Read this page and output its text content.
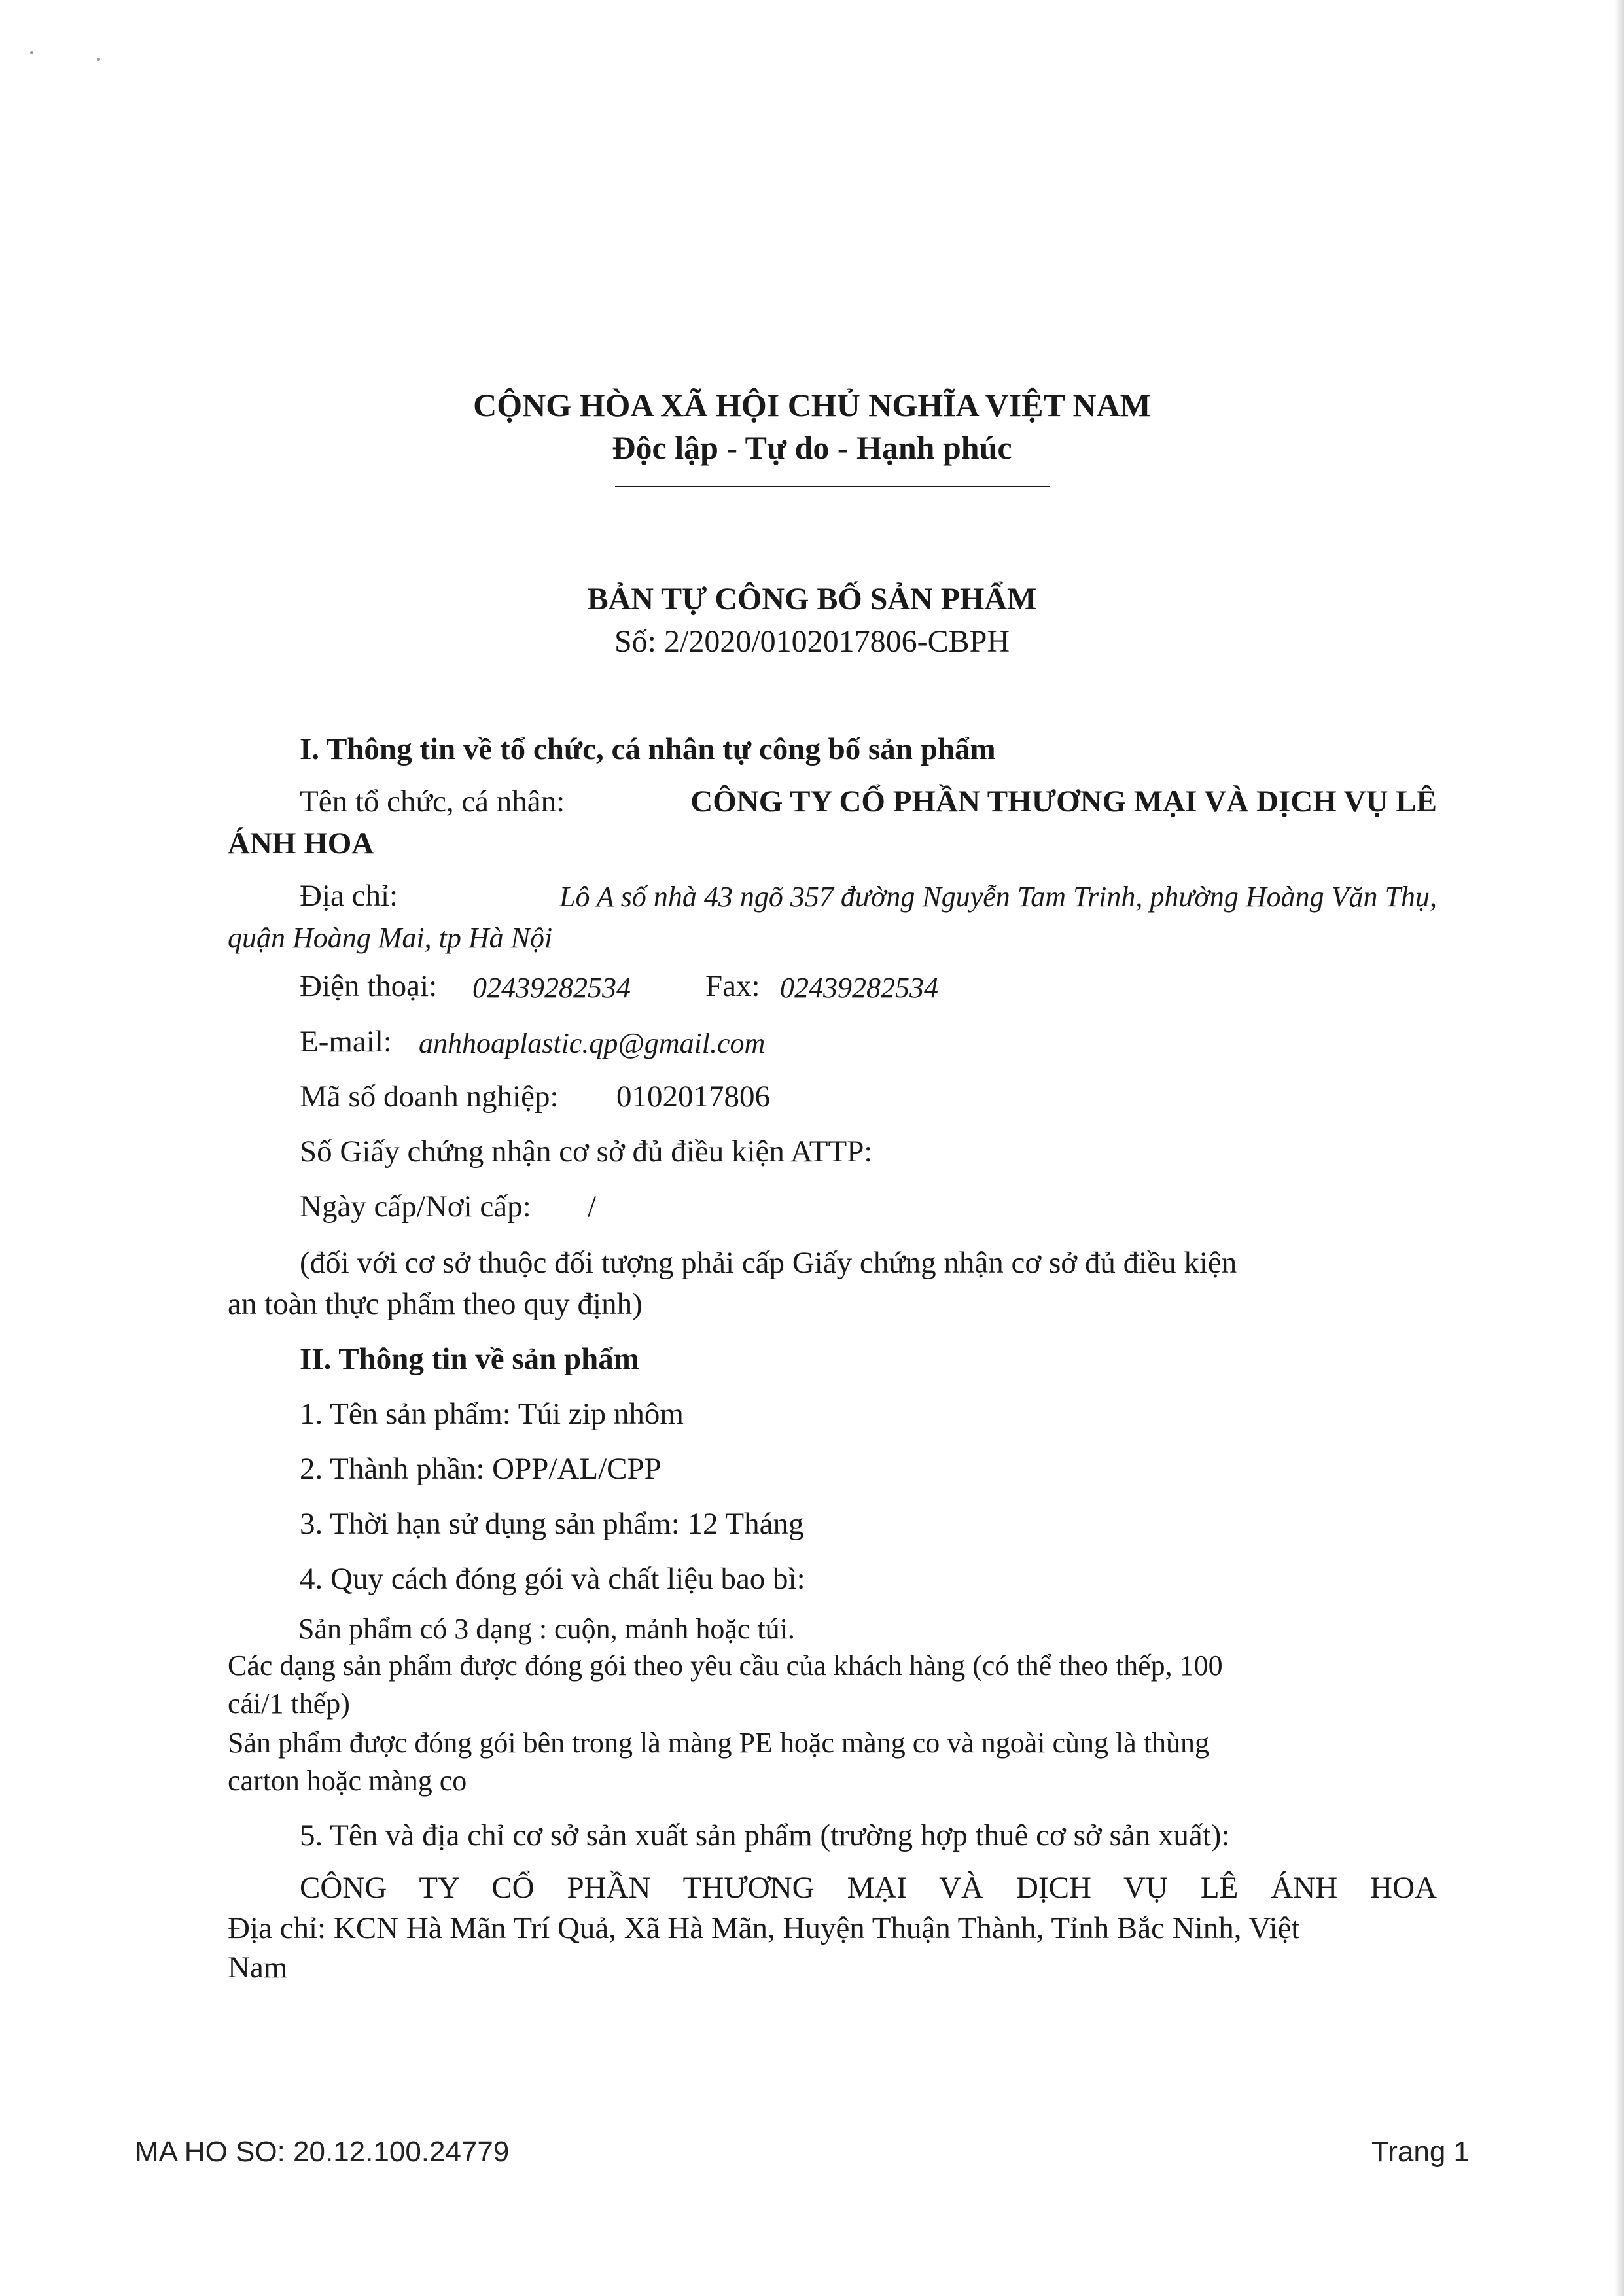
CỘNG HÒA XÃ HỘI CHỦ NGHĨA VIỆT NAM
Độc lập - Tự do - Hạnh phúc
BẢN TỰ CÔNG BỐ SẢN PHẨM
Số: 2/2020/0102017806-CBPH
I. Thông tin về tổ chức, cá nhân tự công bố sản phẩm
Tên tổ chức, cá nhân:	CÔNG TY CỔ PHẦN THƯƠNG MẠI VÀ DỊCH VỤ LÊ
ÁNH HOA
Địa chỉ:	Lô A số nhà 43 ngõ 357 đường Nguyễn Tam Trinh, phường Hoàng Văn Thụ,
quận Hoàng Mai, tp Hà Nội
Điện thoại: 02439282534 Fax: 02439282534
E-mail: anhhoaplastic.qp@gmail.com
Mã số doanh nghiệp: 0102017806
Số Giấy chứng nhận cơ sở đủ điều kiện ATTP:
Ngày cấp/Nơi cấp: /
(đối với cơ sở thuộc đối tượng phải cấp Giấy chứng nhận cơ sở đủ điều kiện
an toàn thực phẩm theo quy định)
II. Thông tin về sản phẩm
1. Tên sản phẩm: Túi zip nhôm
2. Thành phần: OPP/AL/CPP
3. Thời hạn sử dụng sản phẩm: 12 Tháng
4. Quy cách đóng gói và chất liệu bao bì:
Sản phẩm có 3 dạng : cuộn, mảnh hoặc túi.
Các dạng sản phẩm được đóng gói theo yêu cầu của khách hàng (có thể theo thếp, 100
cái/1 thếp)
Sản phẩm được đóng gói bên trong là màng PE hoặc màng co và ngoài cùng là thùng
carton hoặc màng co
5. Tên và địa chỉ cơ sở sản xuất sản phẩm (trường hợp thuê cơ sở sản xuất):
CÔNG TY CỔ PHẦN THƯƠNG MẠI VÀ DỊCH VỤ LÊ ÁNH HOA
Địa chỉ: KCN Hà Mãn Trí Quả, Xã Hà Mãn, Huyện Thuận Thành, Tỉnh Bắc Ninh, Việt
Nam
MA HO SO: 20.12.100.24779	Trang 1
